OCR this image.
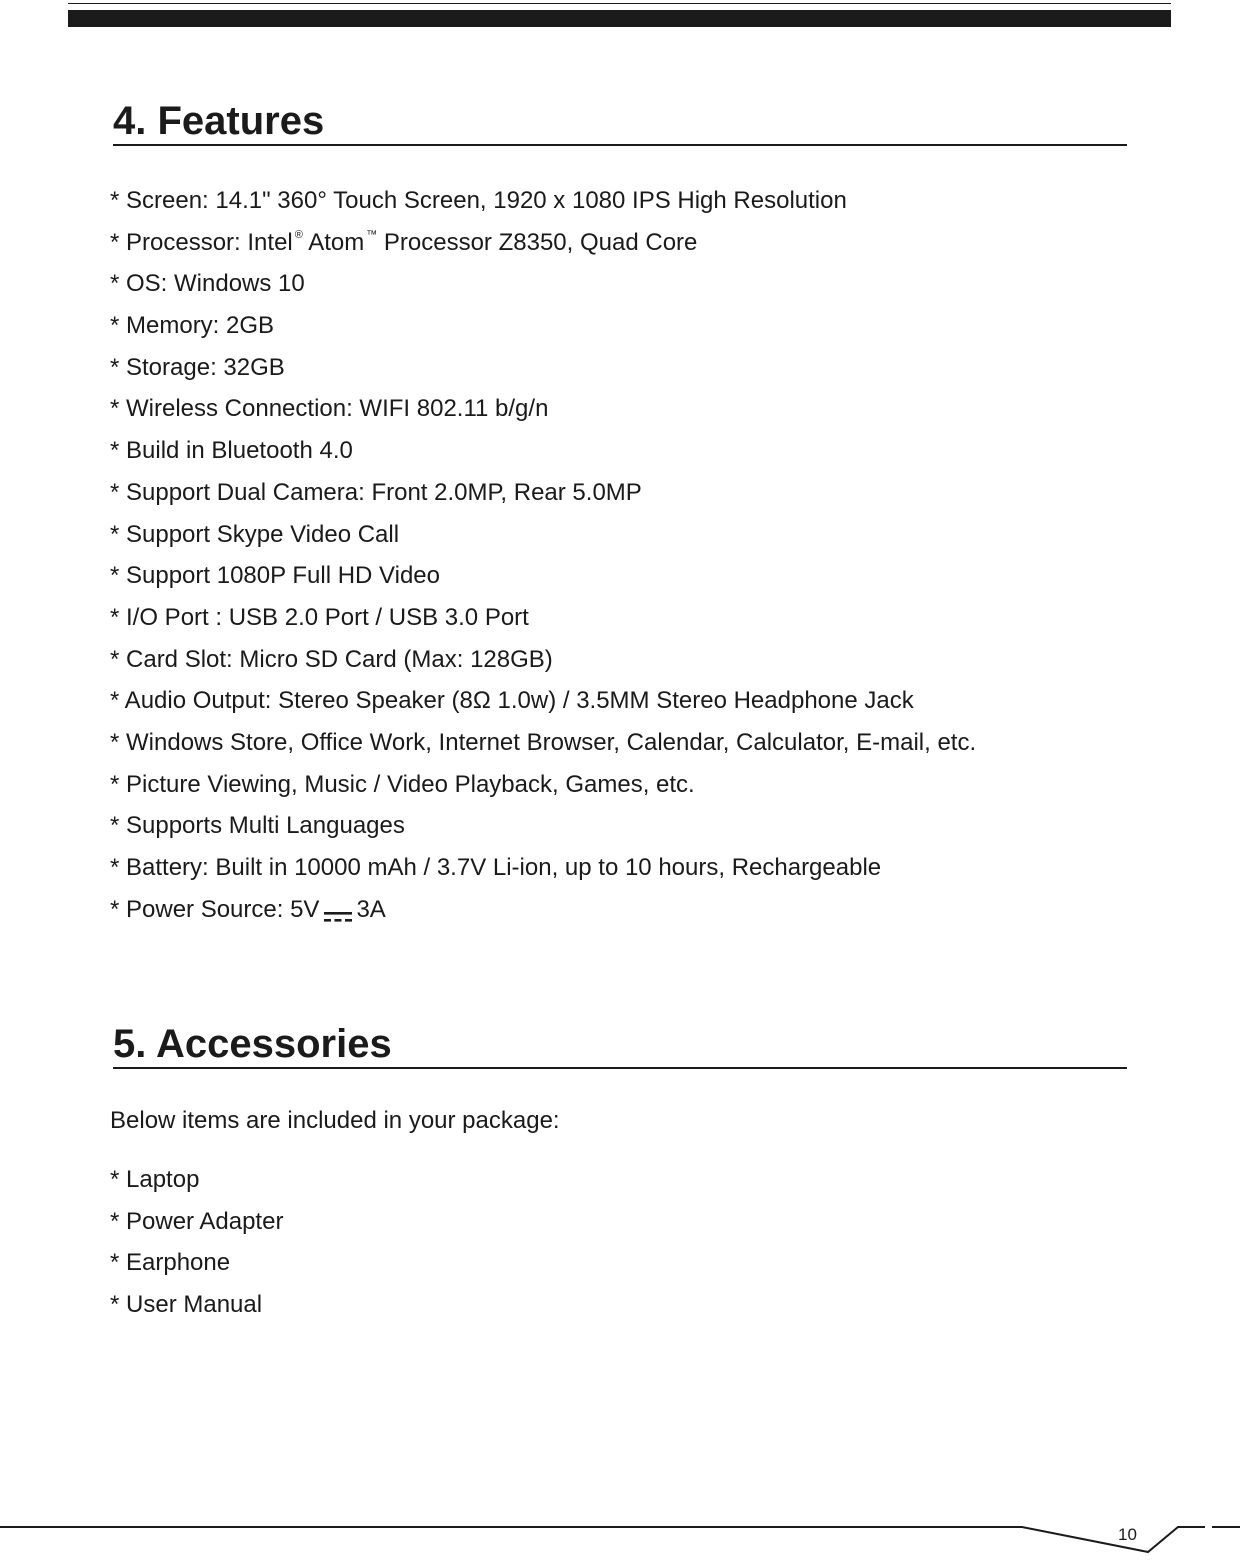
4. Features
* Screen: 14.1" 360° Touch Screen, 1920 x 1080 IPS High Resolution
* Processor: Intel ® Atom ™ Processor Z8350, Quad Core
* OS: Windows 10
* Memory: 2GB
* Storage: 32GB
* Wireless Connection: WIFI 802.11 b/g/n
* Build in Bluetooth 4.0
* Support Dual Camera: Front 2.0MP, Rear 5.0MP
* Support Skype Video Call
* Support 1080P Full HD Video
* I/O Port : USB 2.0 Port / USB 3.0 Port
* Card Slot: Micro SD Card (Max: 128GB)
* Audio Output: Stereo Speaker (8Ω 1.0w) / 3.5MM Stereo Headphone Jack
* Windows Store, Office Work, Internet Browser, Calendar, Calculator, E-mail, etc.
* Picture Viewing, Music / Video Playback, Games, etc.
* Supports Multi Languages
* Battery: Built in 10000 mAh / 3.7V Li-ion, up to 10 hours, Rechargeable
* Power Source: 5V 3A
5. Accessories
Below items are included in your package:
* Laptop
* Power Adapter
* Earphone
* User Manual
10
